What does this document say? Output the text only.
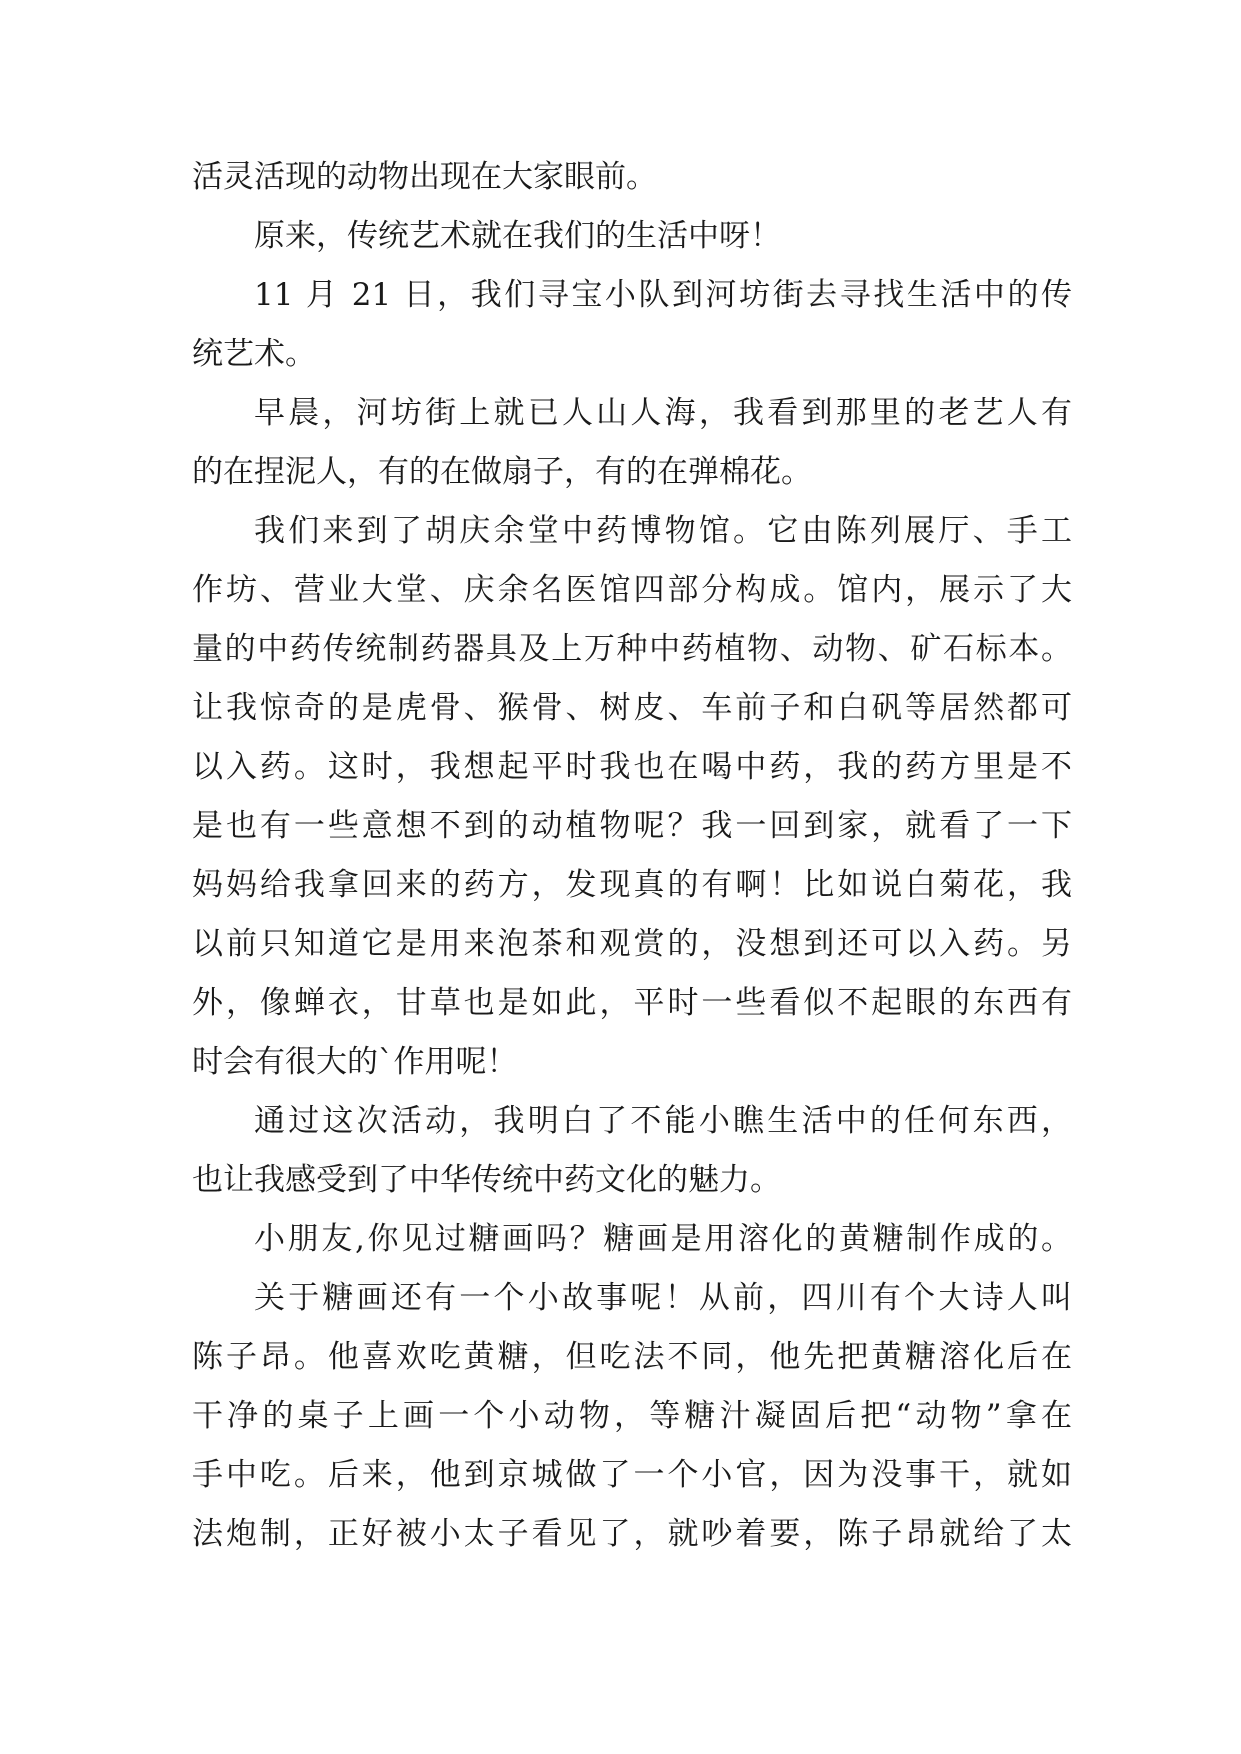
活灵活现的动物出现在大家眼前。
原来，传统艺术就在我们的生活中呀！
11 月 21 日，我们寻宝小队到河坊街去寻找生活中的传
统艺术。
早晨，河坊街上就已人山人海，我看到那里的老艺人有
的在捏泥人，有的在做扇子，有的在弹棉花。
我们来到了胡庆余堂中药博物馆。它由陈列展厅、手工
作坊、营业大堂、庆余名医馆四部分构成。馆内，展示了大
量的中药传统制药器具及上万种中药植物、动物、矿石标本。
让我惊奇的是虎骨、猴骨、树皮、车前子和白矾等居然都可
以入药。这时，我想起平时我也在喝中药，我的药方里是不
是也有一些意想不到的动植物呢？我一回到家，就看了一下
妈妈给我拿回来的药方，发现真的有啊！比如说白菊花，我
以前只知道它是用来泡茶和观赏的，没想到还可以入药。另
外，像蝉衣，甘草也是如此，平时一些看似不起眼的东西有
时会有很大的`作用呢！
通过这次活动，我明白了不能小瞧生活中的任何东西，
也让我感受到了中华传统中药文化的魅力。
小朋友,你见过糖画吗？糖画是用溶化的黄糖制作成的。
关于糖画还有一个小故事呢！从前，四川有个大诗人叫
陈子昂。他喜欢吃黄糖，但吃法不同，他先把黄糖溶化后在
干净的桌子上画一个小动物，等糖汁凝固后把“动物”拿在
手中吃。后来，他到京城做了一个小官，因为没事干，就如
法炮制，正好被小太子看见了，就吵着要，陈子昂就给了太
